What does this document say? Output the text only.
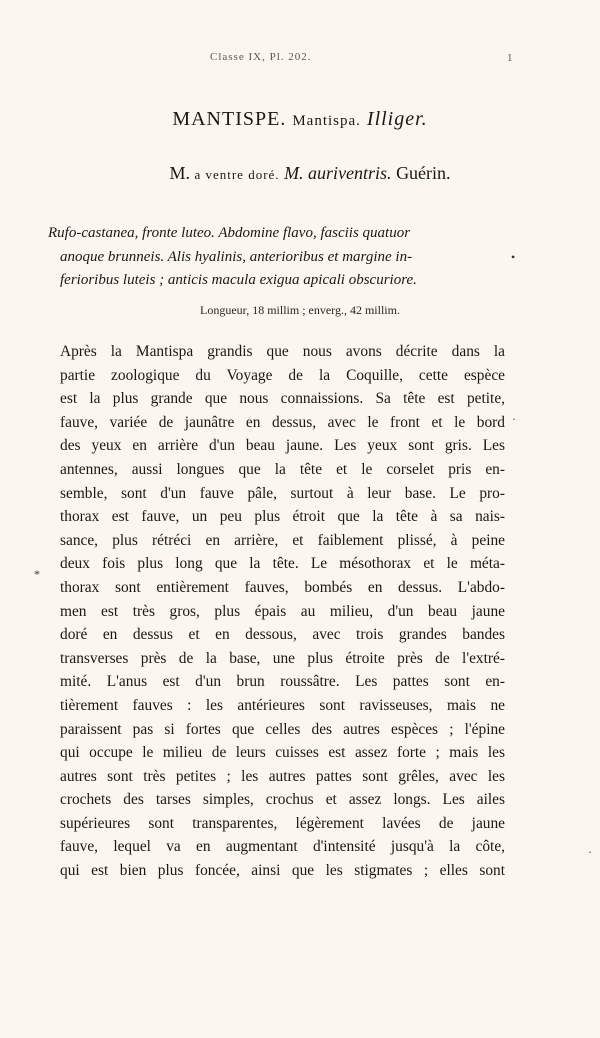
Classe IX, Pl. 202.	1
MANTISPE. Mantispa. Illiger.
M. a ventre doré. M. auriventris. Guérin.
Rufo-castanea, fronte luteo. Abdomine flavo, fasciis quatuor
anoque brunneis. Alis hyalinis, anterioribus et margine in-
ferioribus luteis ; anticis macula exigua apicali obscuriore.
Longueur, 18 millim ; enverg., 42 millim.
Après la Mantispa grandis que nous avons décrite dans la
partie zoologique du Voyage de la Coquille, cette espèce
est la plus grande que nous connaissions. Sa tête est petite,
fauve, variée de jaunâtre en dessus, avec le front et le bord
des yeux en arrière d'un beau jaune. Les yeux sont gris. Les
antennes, aussi longues que la tête et le corselet pris en-
semble, sont d'un fauve pâle, surtout à leur base. Le pro-
thorax est fauve, un peu plus étroit que la tête à sa nais-
sance, plus rétréci en arrière, et faiblement plissé, à peine
deux fois plus long que la tête. Le mésothorax et le méta-
thorax sont entièrement fauves, bombés en dessus. L'abdo-
men est très gros, plus épais au milieu, d'un beau jaune
doré en dessus et en dessous, avec trois grandes bandes
transverses près de la base, une plus étroite près de l'extré-
mité. L'anus est d'un brun roussâtre. Les pattes sont en-
tièrement fauves : les antérieures sont ravisseuses, mais ne
paraissent pas si fortes que celles des autres espèces ; l'épine
qui occupe le milieu de leurs cuisses est assez forte ; mais les
autres sont très petites ; les autres pattes sont grêles, avec les
crochets des tarses simples, crochus et assez longs. Les ailes
supérieures sont transparentes, légèrement lavées de jaune
fauve, lequel va en augmentant d'intensité jusqu'à la côte,
qui est bien plus foncée, ainsi que les stigmates ; elles sont
•
·
*
·
